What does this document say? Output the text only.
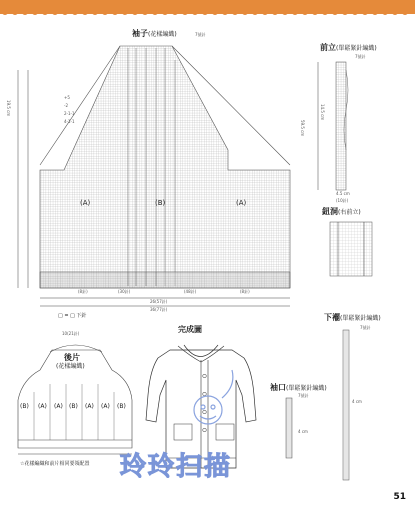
袖子(花樣編織)	7號針
+5
-2
2-1-1
4-1-1
(A)	(B)	(A)
(8針)	(30針)	(48針)	(8針)
26(57針)
36(77針)
19.5 cm
□ = □ 下針
前立(單鬆緊針編織)
7號針
14.5 cm
4.5 cm
(10針)
59.5 cm
鈕洞(右前立)
下襬(單鬆緊針編織)
7號針
4 cm
袖口(單鬆緊針編織)
7號針
4 cm
後片
(花樣編織)
10(21針)
(B) (A) (A) (B) (A) (A) (B)
☆花樣編織和前片相同要領配置
完成圖
玲玲扫描
51
